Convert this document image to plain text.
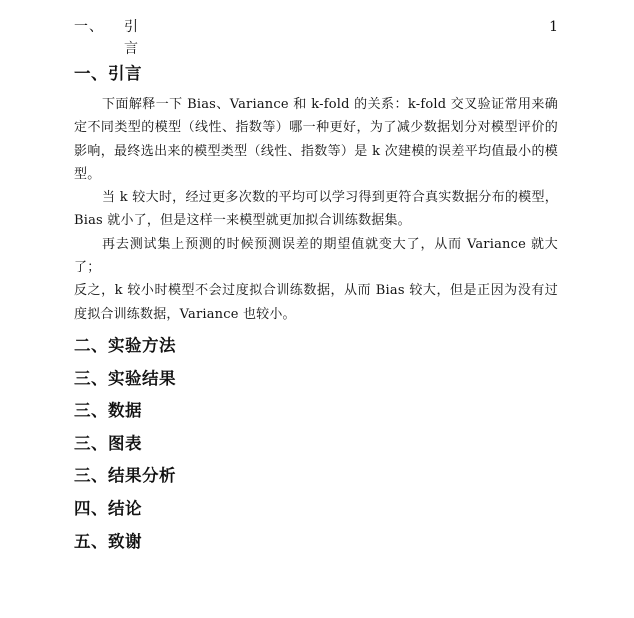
一、 引言
1
一、引言

下面解释一下 Bias、Variance 和 k-fold 的关系：k-fold 交叉验证常用来确定不同类型的模型（线性、指数等）哪一种更好，为了减少数据划分对模型评价的影响，最终选出来的模型类型（线性、指数等）是 k 次建模的误差平均值最小的模型。

当 k 较大时，经过更多次数的平均可以学习得到更符合真实数据分布的模型，Bias 就小了，但是这样一来模型就更加拟合训练数据集。

再去测试集上预测的时候预测误差的期望值就变大了，从而 Variance 就大了；

反之，k 较小时模型不会过度拟合训练数据，从而 Bias 较大，但是正因为没有过度拟合训练数据，Variance 也较小。

二、实验方法
三、实验结果
三、数据
三、图表
三、结果分析
四、结论
五、致谢
